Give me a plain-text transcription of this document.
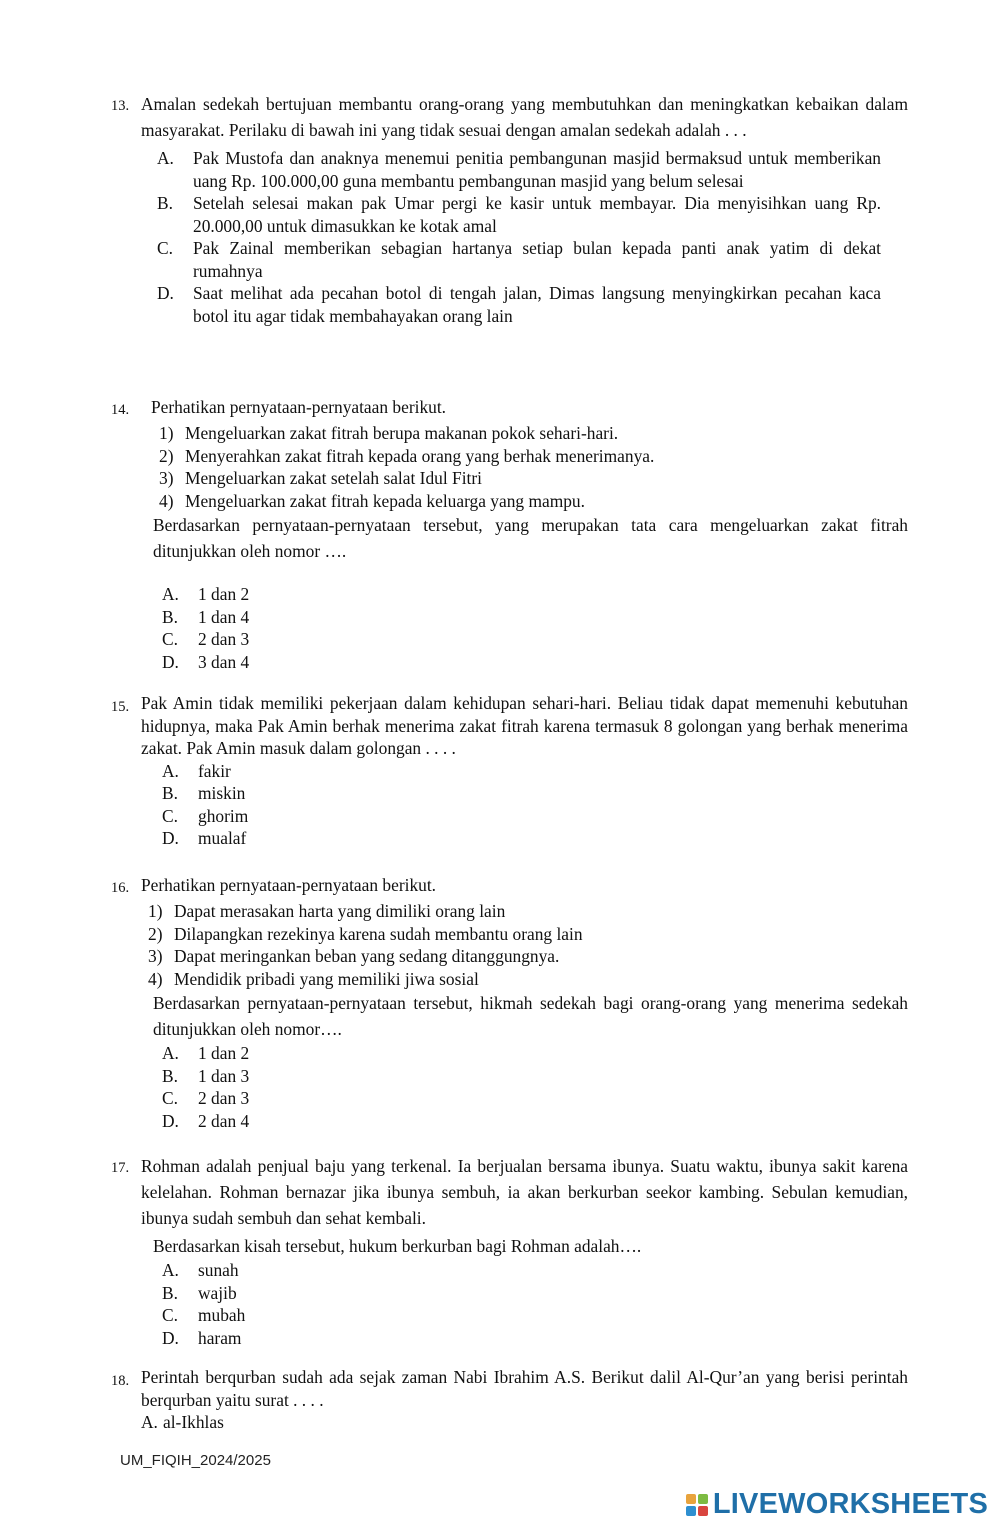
13. Amalan sedekah bertujuan membantu orang-orang yang membutuhkan dan meningkatkan kebaikan dalam masyarakat. Perilaku di bawah ini yang tidak sesuai dengan amalan sedekah adalah . . .
A.	Pak Mustofa dan anaknya menemui penitia pembangunan masjid bermaksud untuk memberikan uang Rp. 100.000,00 guna membantu pembangunan masjid yang belum selesai
B.	Setelah selesai makan pak Umar pergi ke kasir untuk membayar. Dia menyisihkan uang Rp. 20.000,00 untuk dimasukkan ke kotak amal
C.	Pak Zainal memberikan sebagian hartanya setiap bulan kepada panti anak yatim di dekat rumahnya
D.	Saat melihat ada pecahan botol di tengah jalan, Dimas langsung menyingkirkan pecahan kaca botol itu agar tidak membahayakan orang lain
14. Perhatikan pernyataan-pernyataan berikut.
1) Mengeluarkan zakat fitrah berupa makanan pokok sehari-hari.
2) Menyerahkan zakat fitrah kepada orang yang berhak menerimanya.
3) Mengeluarkan zakat setelah salat Idul Fitri
4) Mengeluarkan zakat fitrah kepada keluarga yang mampu.
Berdasarkan pernyataan-pernyataan tersebut, yang merupakan tata cara mengeluarkan zakat fitrah ditunjukkan oleh nomor ….
A.	1 dan 2
B.	1 dan 4
C.	2 dan 3
D.	3 dan 4
15. Pak Amin tidak memiliki pekerjaan dalam kehidupan sehari-hari. Beliau tidak dapat memenuhi kebutuhan hidupnya, maka Pak Amin berhak menerima zakat fitrah karena termasuk 8 golongan yang berhak menerima zakat. Pak Amin masuk dalam golongan . . . .
A.	fakir
B.	miskin
C.	ghorim
D.	mualaf
16. Perhatikan pernyataan-pernyataan berikut.
1) Dapat merasakan harta yang dimiliki orang lain
2) Dilapangkan rezekinya karena sudah membantu orang lain
3) Dapat meringankan beban yang sedang ditanggungnya.
4) Mendidik pribadi yang memiliki jiwa sosial
Berdasarkan pernyataan-pernyataan tersebut, hikmah sedekah bagi orang-orang yang menerima sedekah ditunjukkan oleh nomor….
A.	1 dan 2
B.	1 dan 3
C.	2 dan 3
D.	2 dan 4
17. Rohman adalah penjual baju yang terkenal. Ia berjualan bersama ibunya. Suatu waktu, ibunya sakit karena kelelahan. Rohman bernazar jika ibunya sembuh, ia akan berkurban seekor kambing. Sebulan kemudian, ibunya sudah sembuh dan sehat kembali.
Berdasarkan kisah tersebut, hukum berkurban bagi Rohman adalah….
A.	sunah
B.	wajib
C.	mubah
D.	haram
18. Perintah berqurban sudah ada sejak zaman Nabi Ibrahim A.S. Berikut dalil Al-Qur’an yang berisi perintah berqurban yaitu surat . . . .
A. al-Ikhlas
UM_FIQIH_2024/2025
LIVEWORKSHEETS
